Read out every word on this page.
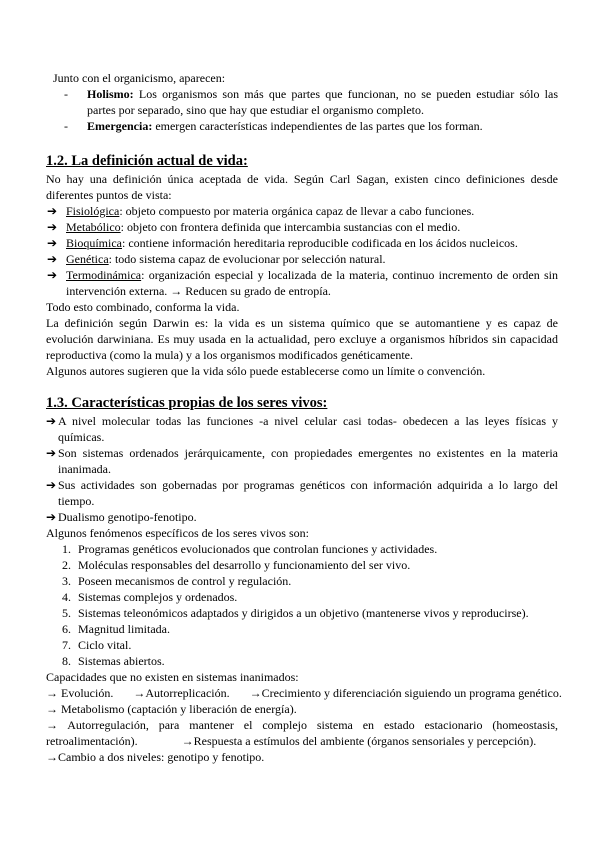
Junto con el organicismo, aparecen:

- Holismo: Los organismos son más que partes que funcionan, no se pueden estudiar sólo las partes por separado, sino que hay que estudiar el organismo completo.
- Emergencia: emergen características independientes de las partes que los forman.
1.2. La definición actual de vida:

No hay una definición única aceptada de vida. Según Carl Sagan, existen cinco definiciones desde diferentes puntos de vista:

➔ Fisiológica: objeto compuesto por materia orgánica capaz de llevar a cabo funciones.
➔ Metabólico: objeto con frontera definida que intercambia sustancias con el medio.
➔ Bioquímica: contiene información hereditaria reproducible codificada en los ácidos nucleicos.
➔ Genética: todo sistema capaz de evolucionar por selección natural.
➔ Termodinámica: organización especial y localizada de la materia, continuo incremento de orden sin intervención externa. → Reducen su grado de entropía.

Todo esto combinado, conforma la vida.

La definición según Darwin es: la vida es un sistema químico que se automantiene y es capaz de evolución darwiniana. Es muy usada en la actualidad, pero excluye a organismos híbridos sin capacidad reproductiva (como la mula) y a los organismos modificados genéticamente.

Algunos autores sugieren que la vida sólo puede establecerse como un límite o convención.

1.3. Características propias de los seres vivos:
➔ A nivel molecular todas las funciones -a nivel celular casi todas- obedecen a las leyes físicas y químicas.
➔ Son sistemas ordenados jerárquicamente, con propiedades emergentes no existentes en la materia inanimada.
➔ Sus actividades son gobernadas por programas genéticos con información adquirida a lo largo del tiempo.
➔ Dualismo genotipo-fenotipo.

Algunos fenómenos específicos de los seres vivos son:

1. Programas genéticos evolucionados que controlan funciones y actividades.
2. Moléculas responsables del desarrollo y funcionamiento del ser vivo.
3. Poseen mecanismos de control y regulación.
4. Sistemas complejos y ordenados.
5. Sistemas teleonómicos adaptados y dirigidos a un objetivo (mantenerse vivos y reproducirse).
6. Magnitud limitada.
7. Ciclo vital.
8. Sistemas abiertos.

Capacidades que no existen en sistemas inanimados:

→ Evolución. →Autorreplicación. →Crecimiento y diferenciación siguiendo un programa genético.

→ Metabolismo (captación y liberación de energía).

→ Autorregulación, para mantener el complejo sistema en estado estacionario (homeostasis,

retroalimentación).	→Respuesta a estímulos del ambiente (órganos sensoriales y percepción).

→Cambio a dos niveles: genotipo y fenotipo.
